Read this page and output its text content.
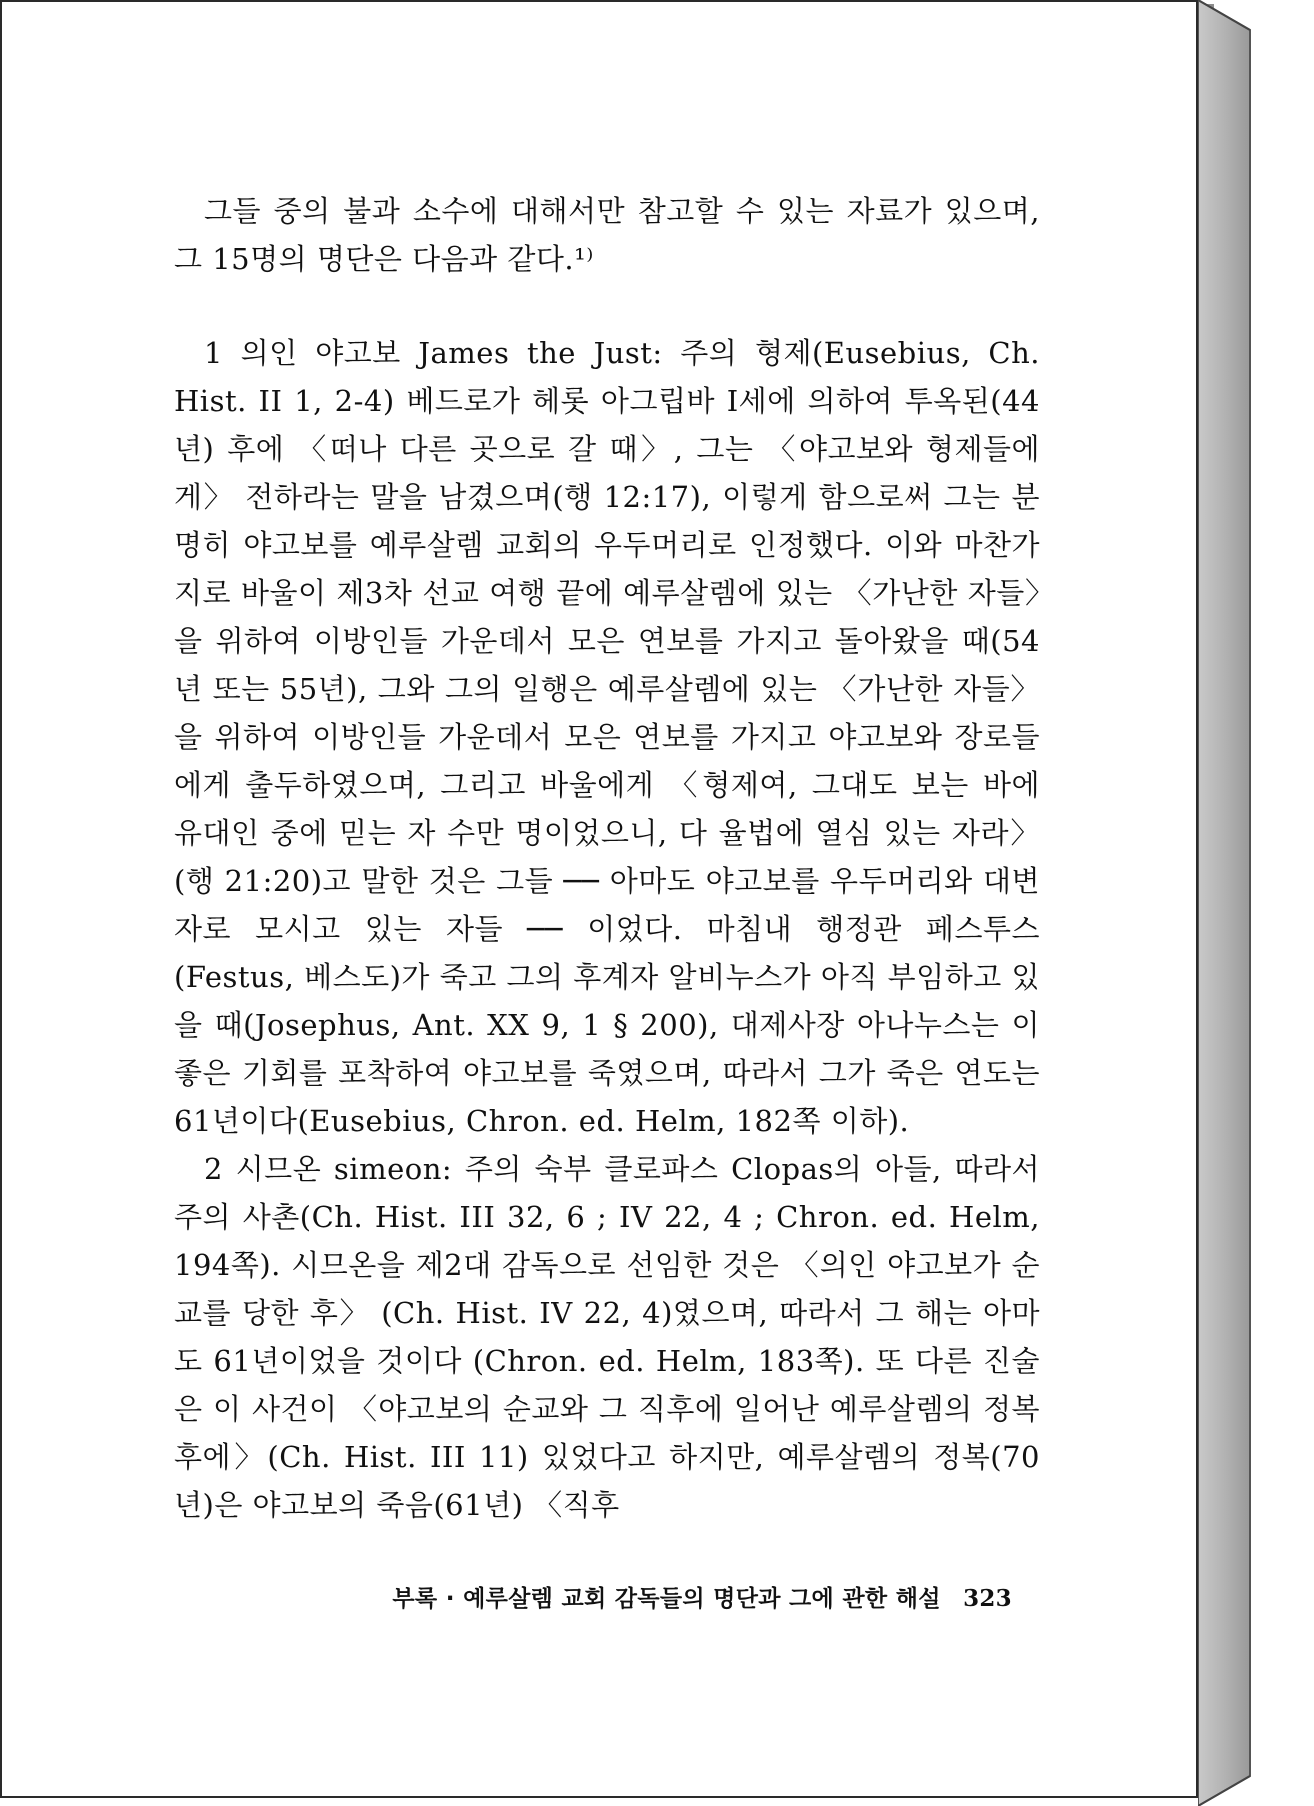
그들 중의 불과 소수에 대해서만 참고할 수 있는 자료가 있으며, 그 15명의 명단은 다음과 같다.¹⁾

1 의인 야고보 James the Just: 주의 형제(Eusebius, Ch. Hist. II 1, 2-4) 베드로가 헤롯 아그립바 I세에 의하여 투옥된(44년) 후에 〈떠나 다른 곳으로 갈 때〉, 그는 〈야고보와 형제들에게〉 전하라는 말을 남겼으며(행 12:17), 이렇게 함으로써 그는 분명히 야고보를 예루살렘 교회의 우두머리로 인정했다. 이와 마찬가지로 바울이 제3차 선교 여행 끝에 예루살렘에 있는 〈가난한 자들〉을 위하여 이방인들 가운데서 모은 연보를 가지고 돌아왔을 때(54년 또는 55년), 그와 그의 일행은 예루살렘에 있는 〈가난한 자들〉을 위하여 이방인들 가운데서 모은 연보를 가지고 야고보와 장로들에게 출두하였으며, 그리고 바울에게 〈형제여, 그대도 보는 바에 유대인 중에 믿는 자 수만 명이었으니, 다 율법에 열심 있는 자라〉(행 21:20)고 말한 것은 그들 ── 아마도 야고보를 우두머리와 대변자로 모시고 있는 자들 ── 이었다. 마침내 행정관 페스투스(Festus, 베스도)가 죽고 그의 후계자 알비누스가 아직 부임하고 있을 때(Josephus, Ant. XX 9, 1 § 200), 대제사장 아나누스는 이 좋은 기회를 포착하여 야고보를 죽였으며, 따라서 그가 죽은 연도는 61년이다(Eusebius, Chron. ed. Helm, 182쪽 이하).

2 시므온 simeon: 주의 숙부 클로파스 Clopas의 아들, 따라서 주의 사촌(Ch. Hist. III 32, 6 ; IV 22, 4 ; Chron. ed. Helm, 194쪽). 시므온을 제2대 감독으로 선임한 것은 〈의인 야고보가 순교를 당한 후〉 (Ch. Hist. IV 22, 4)였으며, 따라서 그 해는 아마도 61년이었을 것이다 (Chron. ed. Helm, 183쪽). 또 다른 진술은 이 사건이 〈야고보의 순교와 그 직후에 일어난 예루살렘의 정복 후에〉(Ch. Hist. III 11) 있었다고 하지만, 예루살렘의 정복(70년)은 야고보의 죽음(61년) 〈직후

부록 · 예루살렘 교회 감독들의 명단과 그에 관한 해설 323
